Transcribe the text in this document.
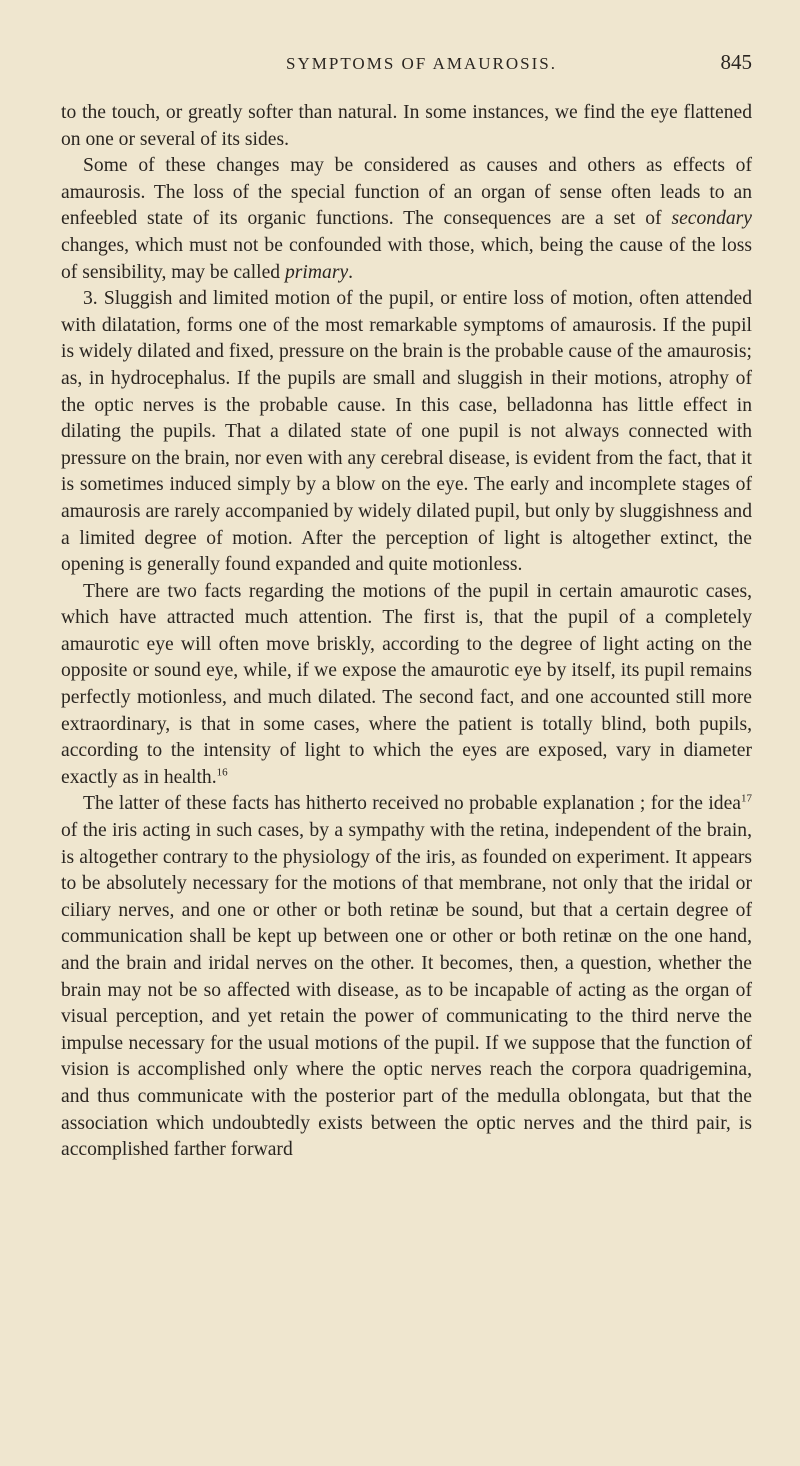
SYMPTOMS OF AMAUROSIS.	845

to the touch, or greatly softer than natural. In some instances, we find the eye flattened on one or several of its sides.

Some of these changes may be considered as causes and others as effects of amaurosis. The loss of the special function of an organ of sense often leads to an enfeebled state of its organic functions. The consequences are a set of secondary changes, which must not be confounded with those, which, being the cause of the loss of sensibility, may be called primary.

3. Sluggish and limited motion of the pupil, or entire loss of motion, often attended with dilatation, forms one of the most remarkable symptoms of amaurosis. If the pupil is widely dilated and fixed, pressure on the brain is the probable cause of the amaurosis; as, in hydrocephalus. If the pupils are small and sluggish in their motions, atrophy of the optic nerves is the probable cause. In this case, belladonna has little effect in dilating the pupils. That a dilated state of one pupil is not always connected with pressure on the brain, nor even with any cerebral disease, is evident from the fact, that it is sometimes induced simply by a blow on the eye. The early and incomplete stages of amaurosis are rarely accompanied by widely dilated pupil, but only by sluggishness and a limited degree of motion. After the perception of light is altogether extinct, the opening is generally found expanded and quite motionless.

There are two facts regarding the motions of the pupil in certain amaurotic cases, which have attracted much attention. The first is, that the pupil of a completely amaurotic eye will often move briskly, according to the degree of light acting on the opposite or sound eye, while, if we expose the amaurotic eye by itself, its pupil remains perfectly motionless, and much dilated. The second fact, and one accounted still more extraordinary, is that in some cases, where the patient is totally blind, both pupils, according to the intensity of light to which the eyes are exposed, vary in diameter exactly as in health.$^{16}$

The latter of these facts has hitherto received no probable explanation ; for the idea$^{17}$ of the iris acting in such cases, by a sympathy with the retina, independent of the brain, is altogether contrary to the physiology of the iris, as founded on experiment. It appears to be absolutely necessary for the motions of that membrane, not only that the iridal or ciliary nerves, and one or other or both retinæ be sound, but that a certain degree of communication shall be kept up between one or other or both retinæ on the one hand, and the brain and iridal nerves on the other. It becomes, then, a question, whether the brain may not be so affected with disease, as to be incapable of acting as the organ of visual perception, and yet retain the power of communicating to the third nerve the impulse necessary for the usual motions of the pupil. If we suppose that the function of vision is accomplished only where the optic nerves reach the corpora quadrigemina, and thus communicate with the posterior part of the medulla oblongata, but that the association which undoubtedly exists between the optic nerves and the third pair, is accomplished farther forward
